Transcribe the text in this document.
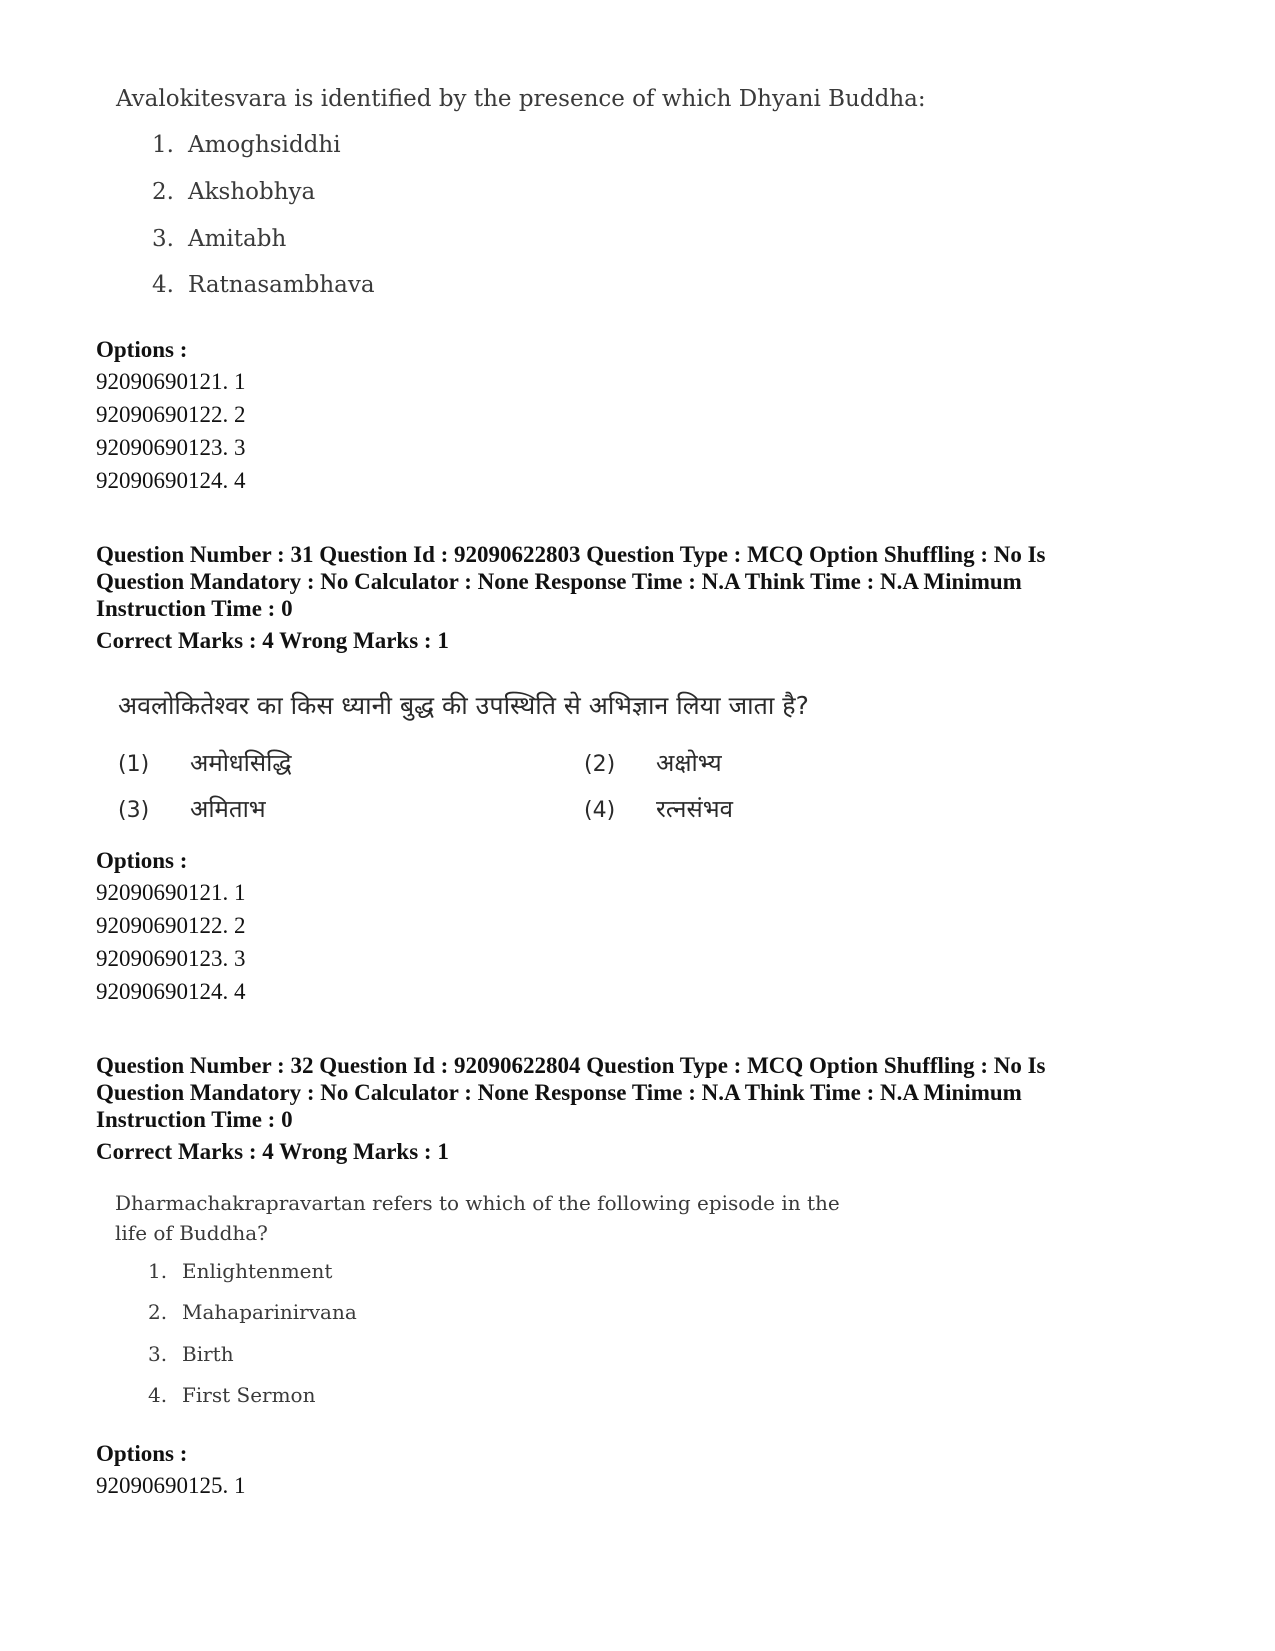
Avalokitesvara is identified by the presence of which Dhyani Buddha:
1. Amoghsiddhi
2. Akshobhya
3. Amitabh
4. Ratnasambhava
Options :
92090690121. 1
92090690122. 2
92090690123. 3
92090690124. 4
Question Number : 31 Question Id : 92090622803 Question Type : MCQ Option Shuffling : No Is
Question Mandatory : No Calculator : None Response Time : N.A Think Time : N.A Minimum
Instruction Time : 0
Correct Marks : 4 Wrong Marks : 1
अवलोकितेश्वर का किस ध्यानी बुद्ध की उपस्थिति से अभिज्ञान लिया जाता है?
(1) अमोधसिद्धि	(2) अक्षोभ्य
(3) अमिताभ	(4) रत्नसंभव
Options :
92090690121. 1
92090690122. 2
92090690123. 3
92090690124. 4
Question Number : 32 Question Id : 92090622804 Question Type : MCQ Option Shuffling : No Is
Question Mandatory : No Calculator : None Response Time : N.A Think Time : N.A Minimum
Instruction Time : 0
Correct Marks : 4 Wrong Marks : 1
Dharmachakrapravartan refers to which of the following episode in the
life of Buddha?
1. Enlightenment
2. Mahaparinirvana
3. Birth
4. First Sermon
Options :
92090690125. 1
